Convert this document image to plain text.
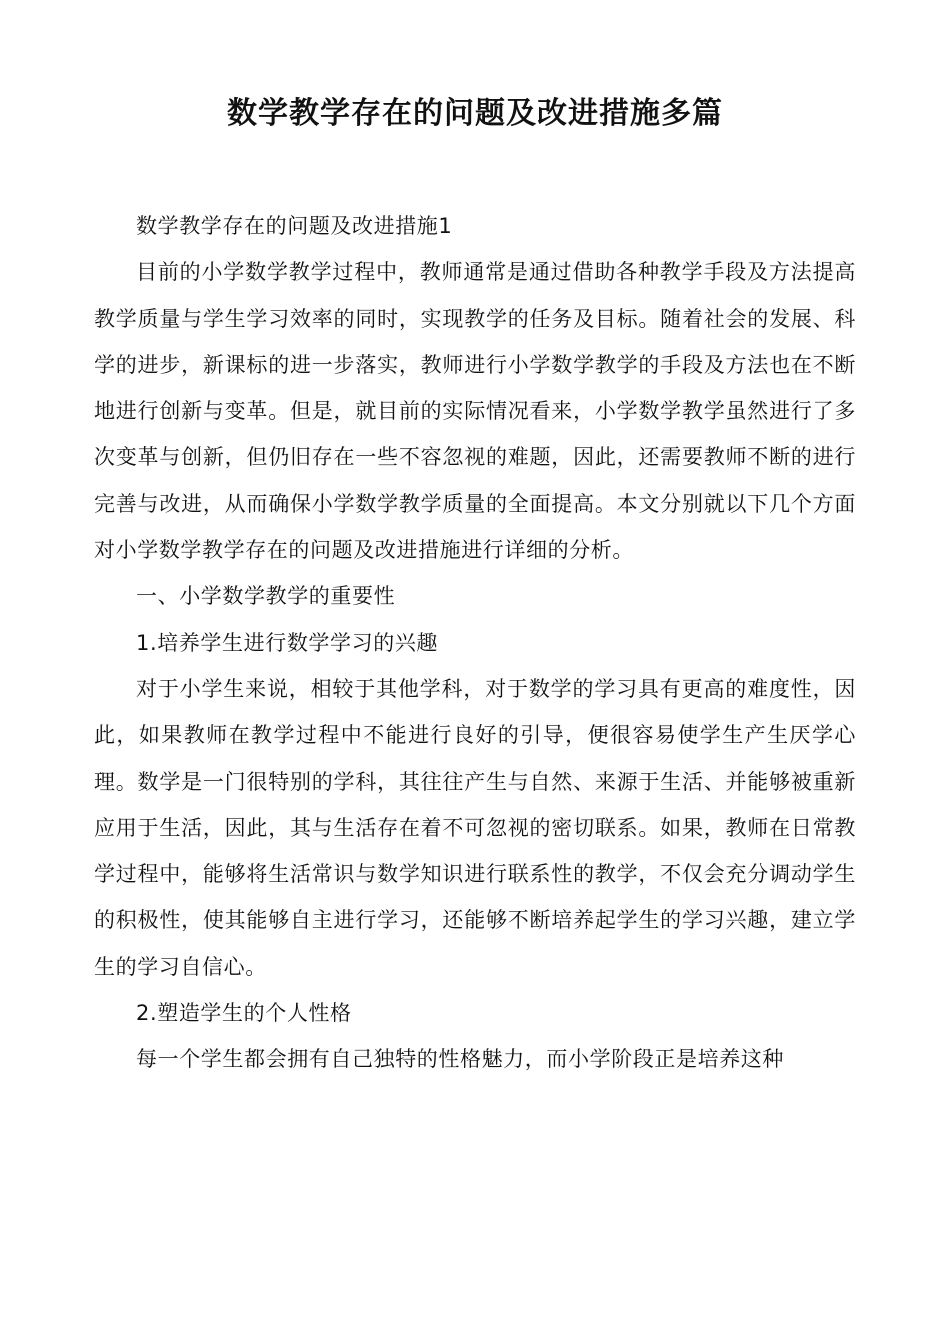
数学教学存在的问题及改进措施多篇

数学教学存在的问题及改进措施1

目前的小学数学教学过程中，教师通常是通过借助各种教学手段及方法提高教学质量与学生学习效率的同时，实现教学的任务及目标。随着社会的发展、科学的进步，新课标的进一步落实，教师进行小学数学教学的手段及方法也在不断地进行创新与变革。但是，就目前的实际情况看来，小学数学教学虽然进行了多次变革与创新，但仍旧存在一些不容忽视的难题，因此，还需要教师不断的进行完善与改进，从而确保小学数学教学质量的全面提高。本文分别就以下几个方面对小学数学教学存在的问题及改进措施进行详细的分析。

一、小学数学教学的重要性

1.培养学生进行数学学习的兴趣

对于小学生来说，相较于其他学科，对于数学的学习具有更高的难度性，因此，如果教师在教学过程中不能进行良好的引导，便很容易使学生产生厌学心理。数学是一门很特别的学科，其往往产生与自然、来源于生活、并能够被重新应用于生活，因此，其与生活存在着不可忽视的密切联系。如果，教师在日常教学过程中，能够将生活常识与数学知识进行联系性的教学，不仅会充分调动学生的积极性，使其能够自主进行学习，还能够不断培养起学生的学习兴趣，建立学生的学习自信心。

2.塑造学生的个人性格

每一个学生都会拥有自己独特的性格魅力，而小学阶段正是培养这种
